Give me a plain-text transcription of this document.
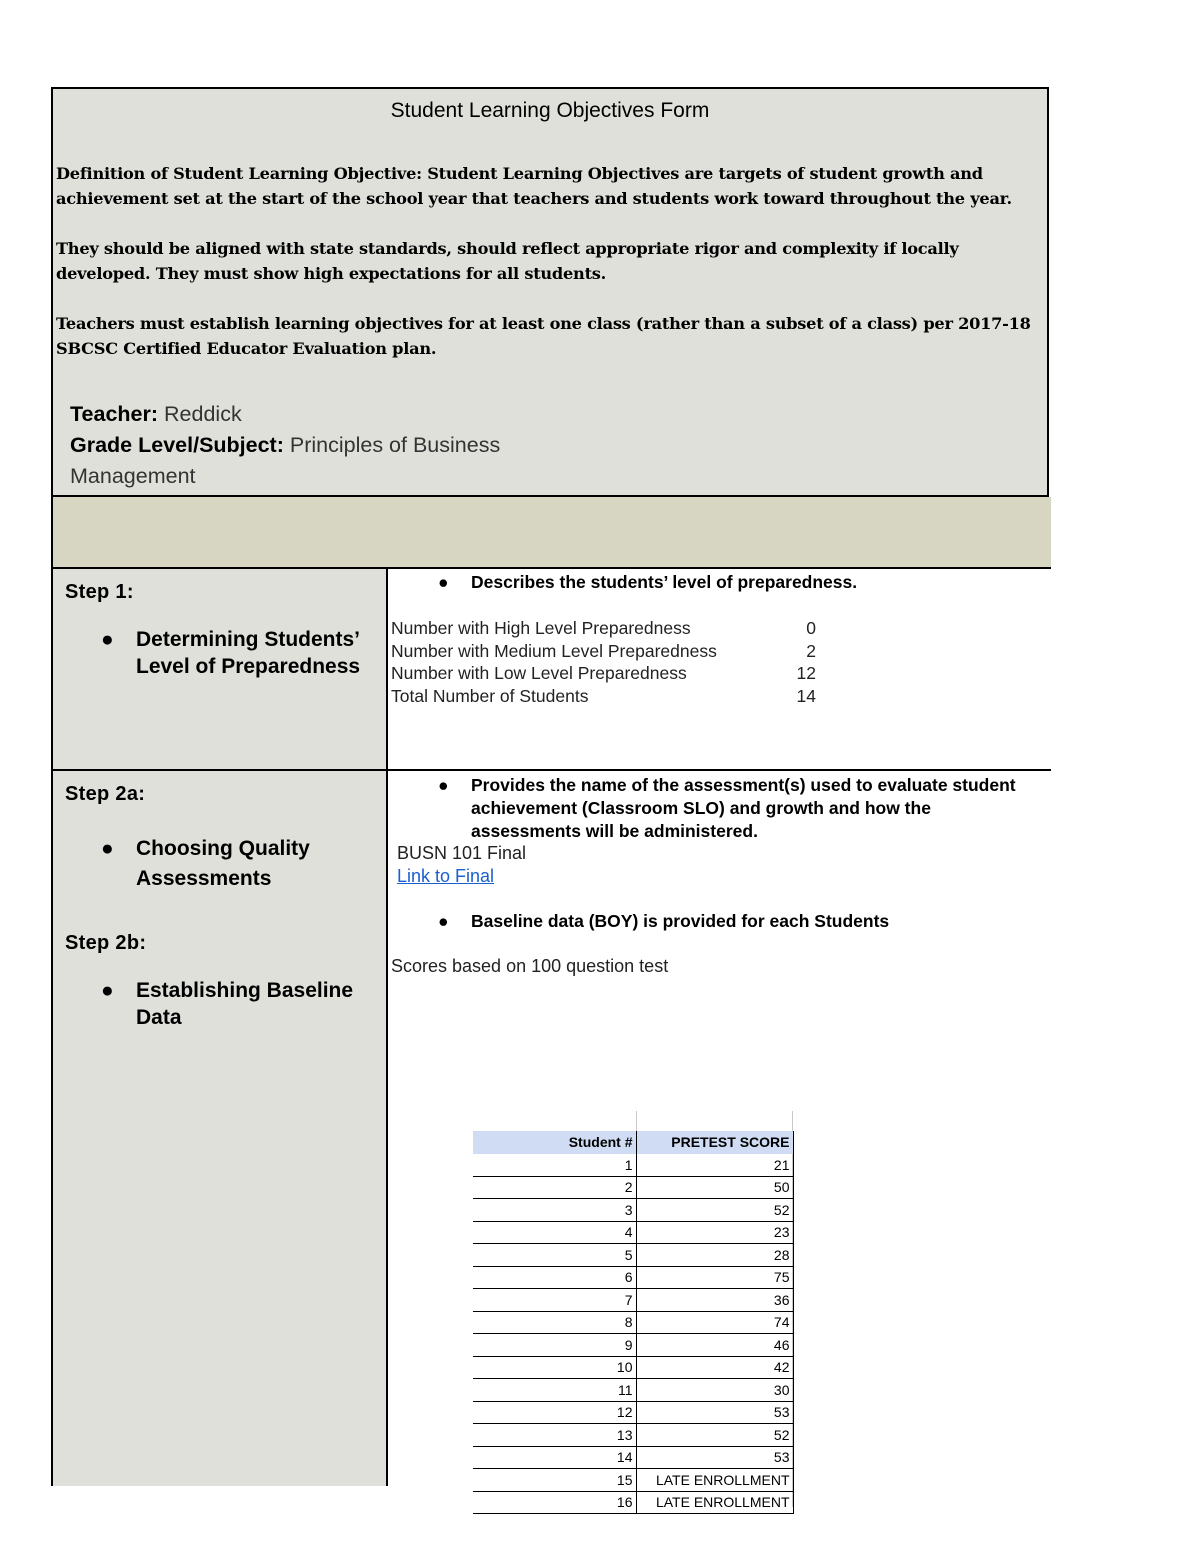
Student Learning Objectives Form

Definition of Student Learning Objective: Student Learning Objectives are targets of student growth and achievement set at the start of the school year that teachers and students work toward throughout the year.

They should be aligned with state standards, should reflect appropriate rigor and complexity if locally developed. They must show high expectations for all students.

Teachers must establish learning objectives for at least one class (rather than a subset of a class) per 2017-18 SBCSC Certified Educator Evaluation plan.

Teacher: Reddick
Grade Level/Subject: Principles of Business
Management
Step 1:
● Determining Students’ Level of Preparedness
● Describes the students’ level of preparedness.
Number with High Level Preparedness	0
Number with Medium Level Preparedness	2
Number with Low Level Preparedness	12
Total Number of Students	14
Step 2a:
● Choosing Quality Assessments
Step 2b:
● Establishing Baseline Data
● Provides the name of the assessment(s) used to evaluate student achievement (Classroom SLO) and growth and how the assessments will be administered.
BUSN 101 Final
Link to Final
● Baseline data (BOY) is provided for each Students
Scores based on 100 question test
Student #	PRETEST SCORE
1	21
2	50
3	52
4	23
5	28
6	75
7	36
8	74
9	46
10	42
11	30
12	53
13	52
14	53
15	LATE ENROLLMENT
16	LATE ENROLLMENT
